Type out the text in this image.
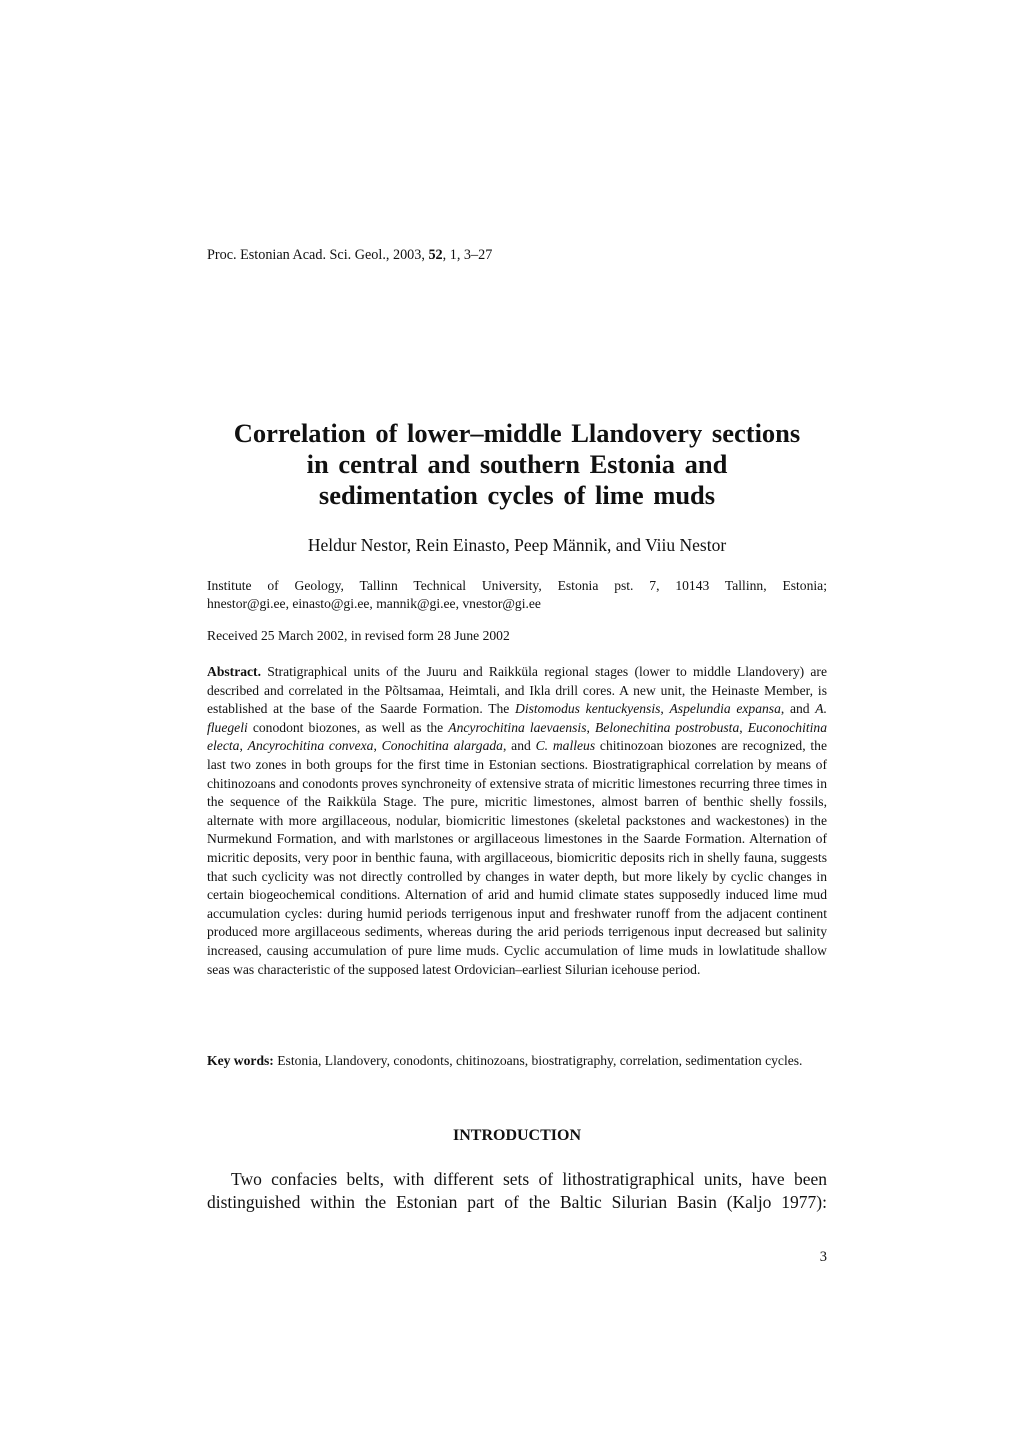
Proc. Estonian Acad. Sci. Geol., 2003, 52, 1, 3–27
Correlation of lower–middle Llandovery sections
in central and southern Estonia and
sedimentation cycles of lime muds
Heldur Nestor, Rein Einasto, Peep Männik, and Viiu Nestor
Institute of Geology, Tallinn Technical University, Estonia pst. 7, 10143 Tallinn, Estonia;
hnestor@gi.ee, einasto@gi.ee, mannik@gi.ee, vnestor@gi.ee
Received 25 March 2002, in revised form 28 June 2002
Abstract. Stratigraphical units of the Juuru and Raikküla regional stages (lower to middle Llandovery) are described and correlated in the Põltsamaa, Heimtali, and Ikla drill cores. A new unit, the Heinaste Member, is established at the base of the Saarde Formation. The Distomodus kentuckyensis, Aspelundia expansa, and A. fluegeli conodont biozones, as well as the Ancyrochitina laevaensis, Belonechitina postrobusta, Euconochitina electa, Ancyrochitina convexa, Conochitina alargada, and C. malleus chitinozoan biozones are recognized, the last two zones in both groups for the first time in Estonian sections. Biostratigraphical correlation by means of chitinozoans and conodonts proves synchroneity of extensive strata of micritic limestones recurring three times in the sequence of the Raikküla Stage. The pure, micritic limestones, almost barren of benthic shelly fossils, alternate with more argillaceous, nodular, biomicritic limestones (skeletal packstones and wackestones) in the Nurmekund Formation, and with marlstones or argillaceous limestones in the Saarde Formation. Alternation of micritic deposits, very poor in benthic fauna, with argillaceous, biomicritic deposits rich in shelly fauna, suggests that such cyclicity was not directly controlled by changes in water depth, but more likely by cyclic changes in certain biogeochemical conditions. Alternation of arid and humid climate states supposedly induced lime mud accumulation cycles: during humid periods terrigenous input and freshwater runoff from the adjacent continent produced more argillaceous sediments, whereas during the arid periods terrigenous input decreased but salinity increased, causing accumulation of pure lime muds. Cyclic accumulation of lime muds in lowlatitude shallow seas was characteristic of the supposed latest Ordovician–earliest Silurian icehouse period.
Key words: Estonia, Llandovery, conodonts, chitinozoans, biostratigraphy, correlation, sedimentation cycles.
INTRODUCTION
Two confacies belts, with different sets of lithostratigraphical units, have been
distinguished within the Estonian part of the Baltic Silurian Basin (Kaljo 1977):
3
